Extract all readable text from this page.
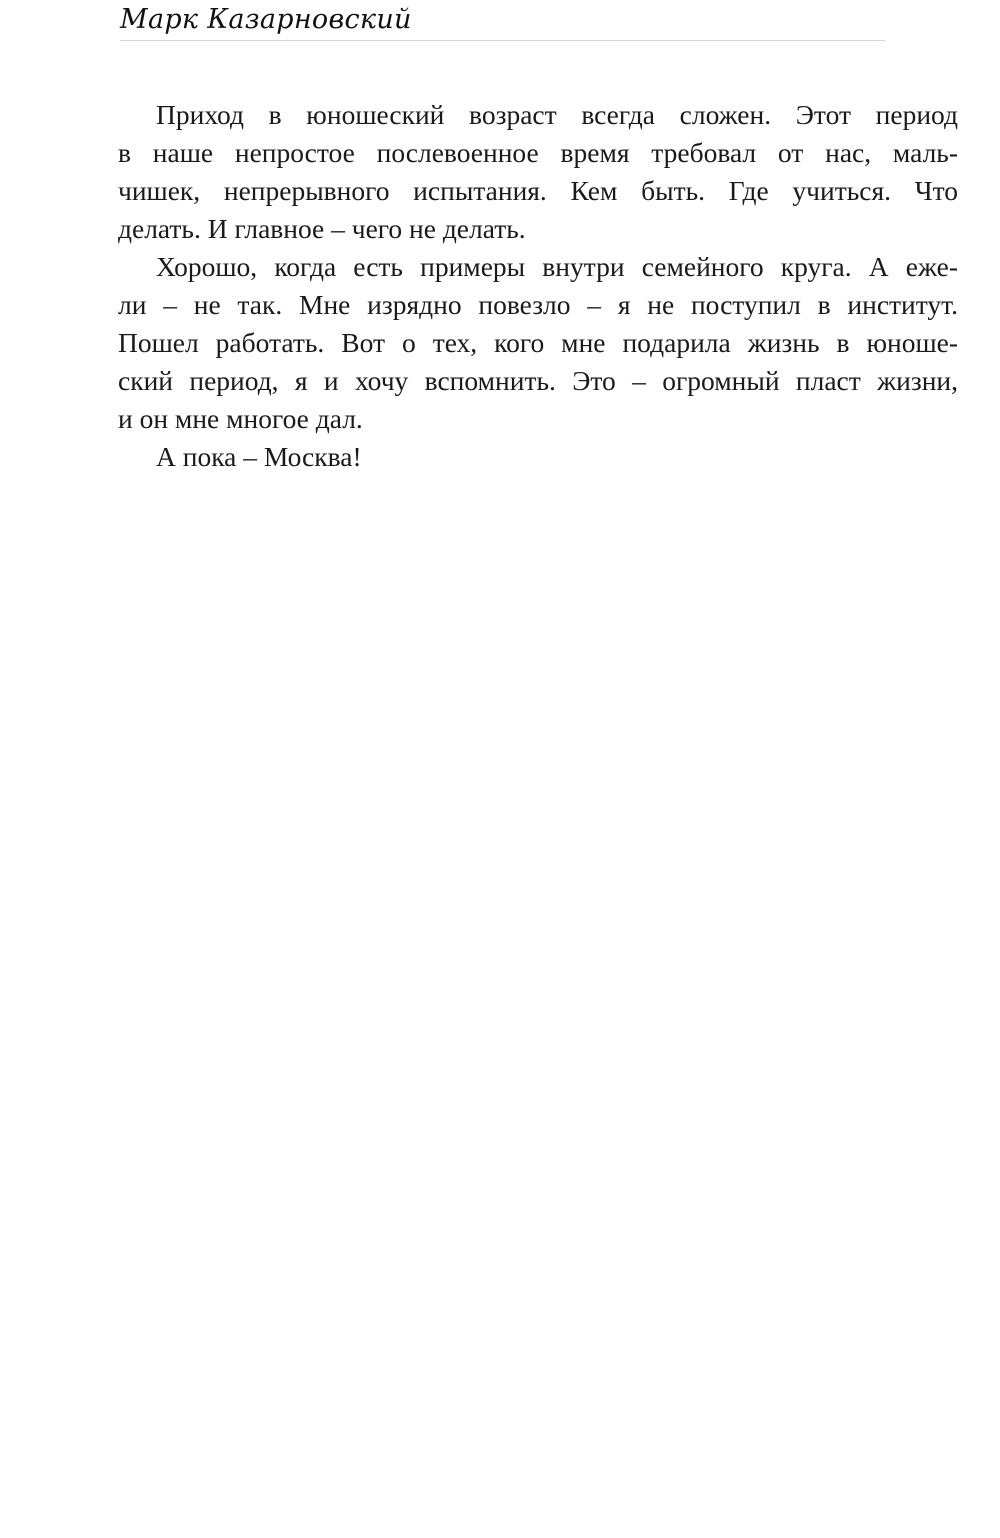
Марк Казарновский
Приход в юношеский возраст всегда сложен. Этот период
в наше непростое послевоенное время требовал от нас, маль-
чишек, непрерывного испытания. Кем быть. Где учиться. Что
делать. И главное – чего не делать.
Хорошо, когда есть примеры внутри семейного круга. А еже-
ли – не так. Мне изрядно повезло – я не поступил в институт.
Пошел работать. Вот о тех, кого мне подарила жизнь в юноше-
ский период, я и хочу вспомнить. Это – огромный пласт жизни,
и он мне многое дал.
А пока – Москва!
